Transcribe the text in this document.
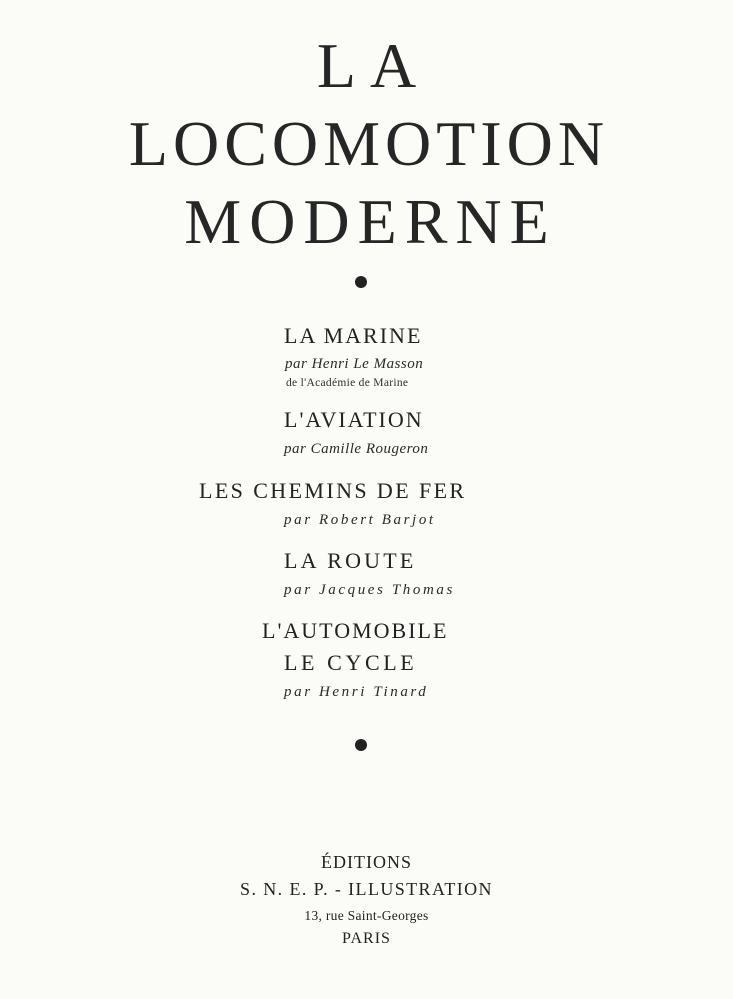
LA
LOCOMOTION
MODERNE
LA MARINE
par Henri Le Masson
de l'Académie de Marine
L'AVIATION
par Camille Rougeron
LES CHEMINS DE FER
par Robert Barjot
LA ROUTE
par Jacques Thomas
L'AUTOMOBILE
LE CYCLE
par Henri Tinard
ÉDITIONS
S. N. E. P. - ILLUSTRATION
13, rue Saint-Georges
PARIS
